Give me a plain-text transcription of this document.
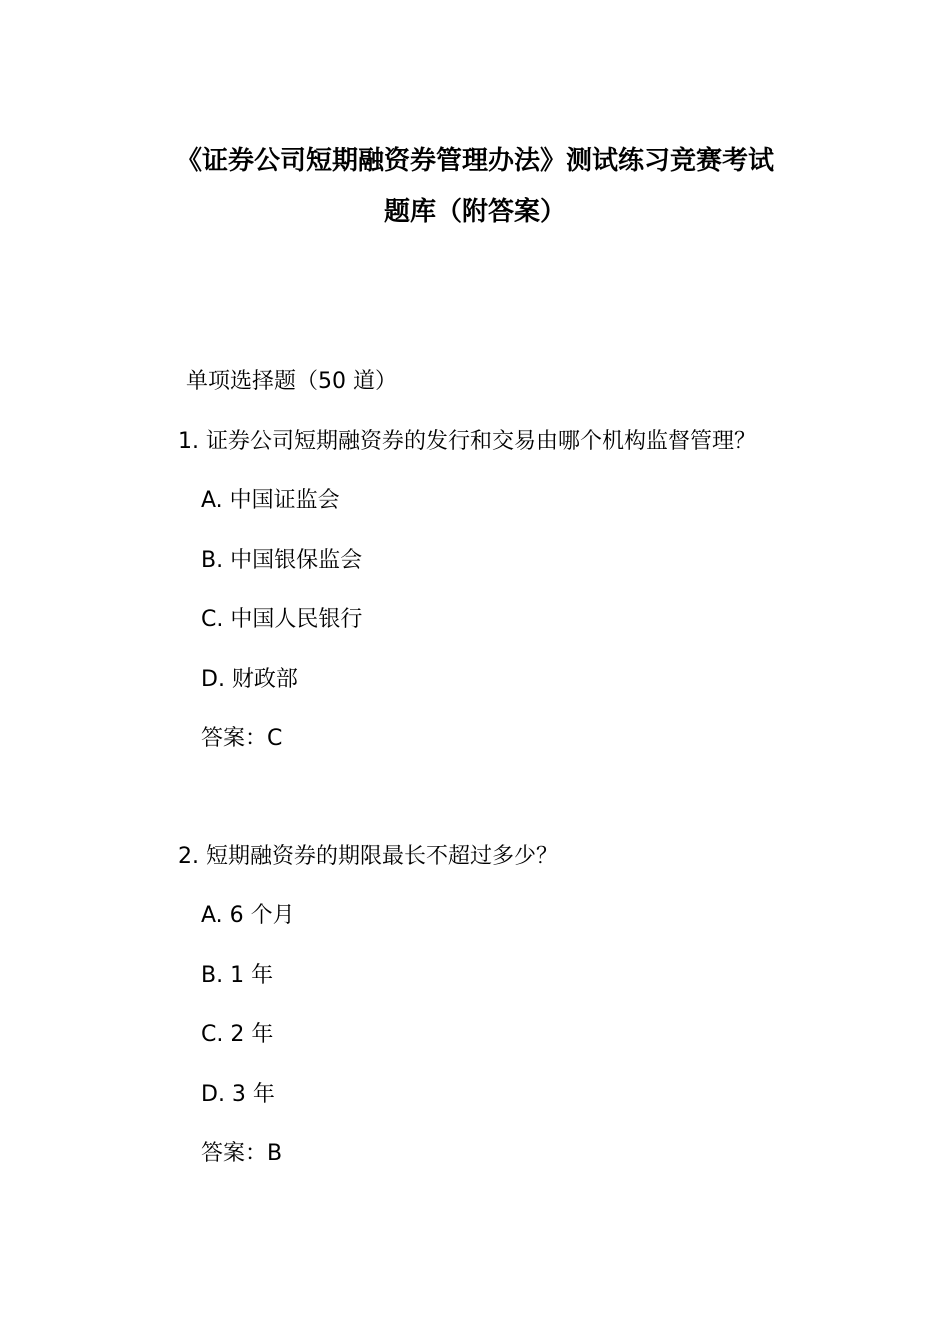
《证券公司短期融资券管理办法》测试练习竞赛考试
题库（附答案）

单项选择题（50 道）

1. 证券公司短期融资券的发行和交易由哪个机构监督管理？

A. 中国证监会

B. 中国银保监会

C. 中国人民银行

D. 财政部

答案：C

2. 短期融资券的期限最长不超过多少？

A. 6 个月

B. 1 年

C. 2 年

D. 3 年

答案：B
